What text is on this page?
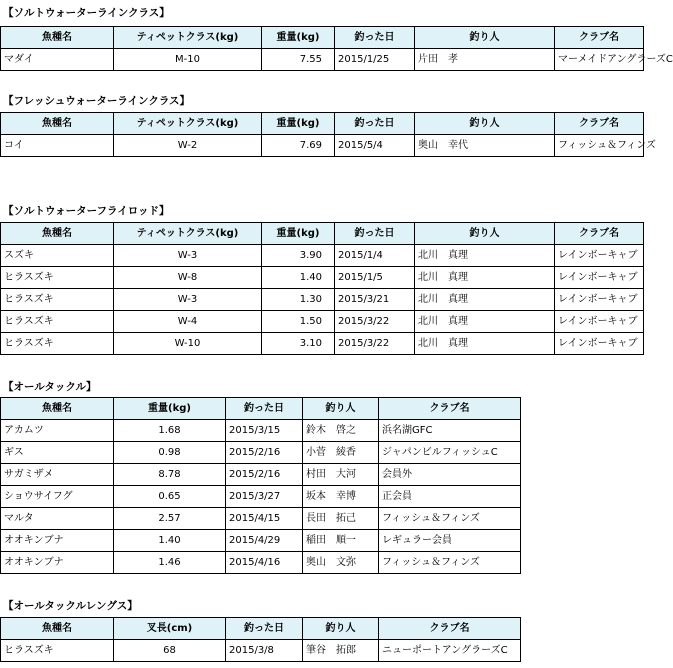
【ソルトウォーターラインクラス】
魚種名	ティペットクラス(kg)	重量(kg)	釣った日	釣り人	クラブ名
マダイ	M-10	7.55	2015/1/25	片田　孝	マーメイドアングラーズC
【フレッシュウォーターラインクラス】
魚種名	ティペットクラス(kg)	重量(kg)	釣った日	釣り人	クラブ名
コイ	W-2	7.69	2015/5/4	奥山　幸代	フィッシュ＆フィンズ
【ソルトウォーターフライロッド】
魚種名	ティペットクラス(kg)	重量(kg)	釣った日	釣り人	クラブ名
スズキ	W-3	3.90	2015/1/4	北川　真理	レインボーキャブ
ヒラスズキ	W-8	1.40	2015/1/5	北川　真理	レインボーキャブ
ヒラスズキ	W-3	1.30	2015/3/21	北川　真理	レインボーキャブ
ヒラスズキ	W-4	1.50	2015/3/22	北川　真理	レインボーキャブ
ヒラスズキ	W-10	3.10	2015/3/22	北川　真理	レインボーキャブ
【オールタックル】
魚種名	重量(kg)	釣った日	釣り人	クラブ名
アカムツ	1.68	2015/3/15	鈴木　啓之	浜名湖GFC
ギス	0.98	2015/2/16	小菅　綾香	ジャパンビルフィッシュC
サガミザメ	8.78	2015/2/16	村田　大河	会員外
ショウサイフグ	0.65	2015/3/27	坂本　幸博	正会員
マルタ	2.57	2015/4/15	長田　拓己	フィッシュ＆フィンズ
オオキンブナ	1.40	2015/4/29	稲田　順一	レギュラー会員
オオキンブナ	1.46	2015/4/16	奥山　文弥	フィッシュ＆フィンズ
【オールタックルレングス】
魚種名	叉長(cm)	釣った日	釣り人	クラブ名
ヒラスズキ	68	2015/3/8	筆谷　拓郎	ニューポートアングラーズC
